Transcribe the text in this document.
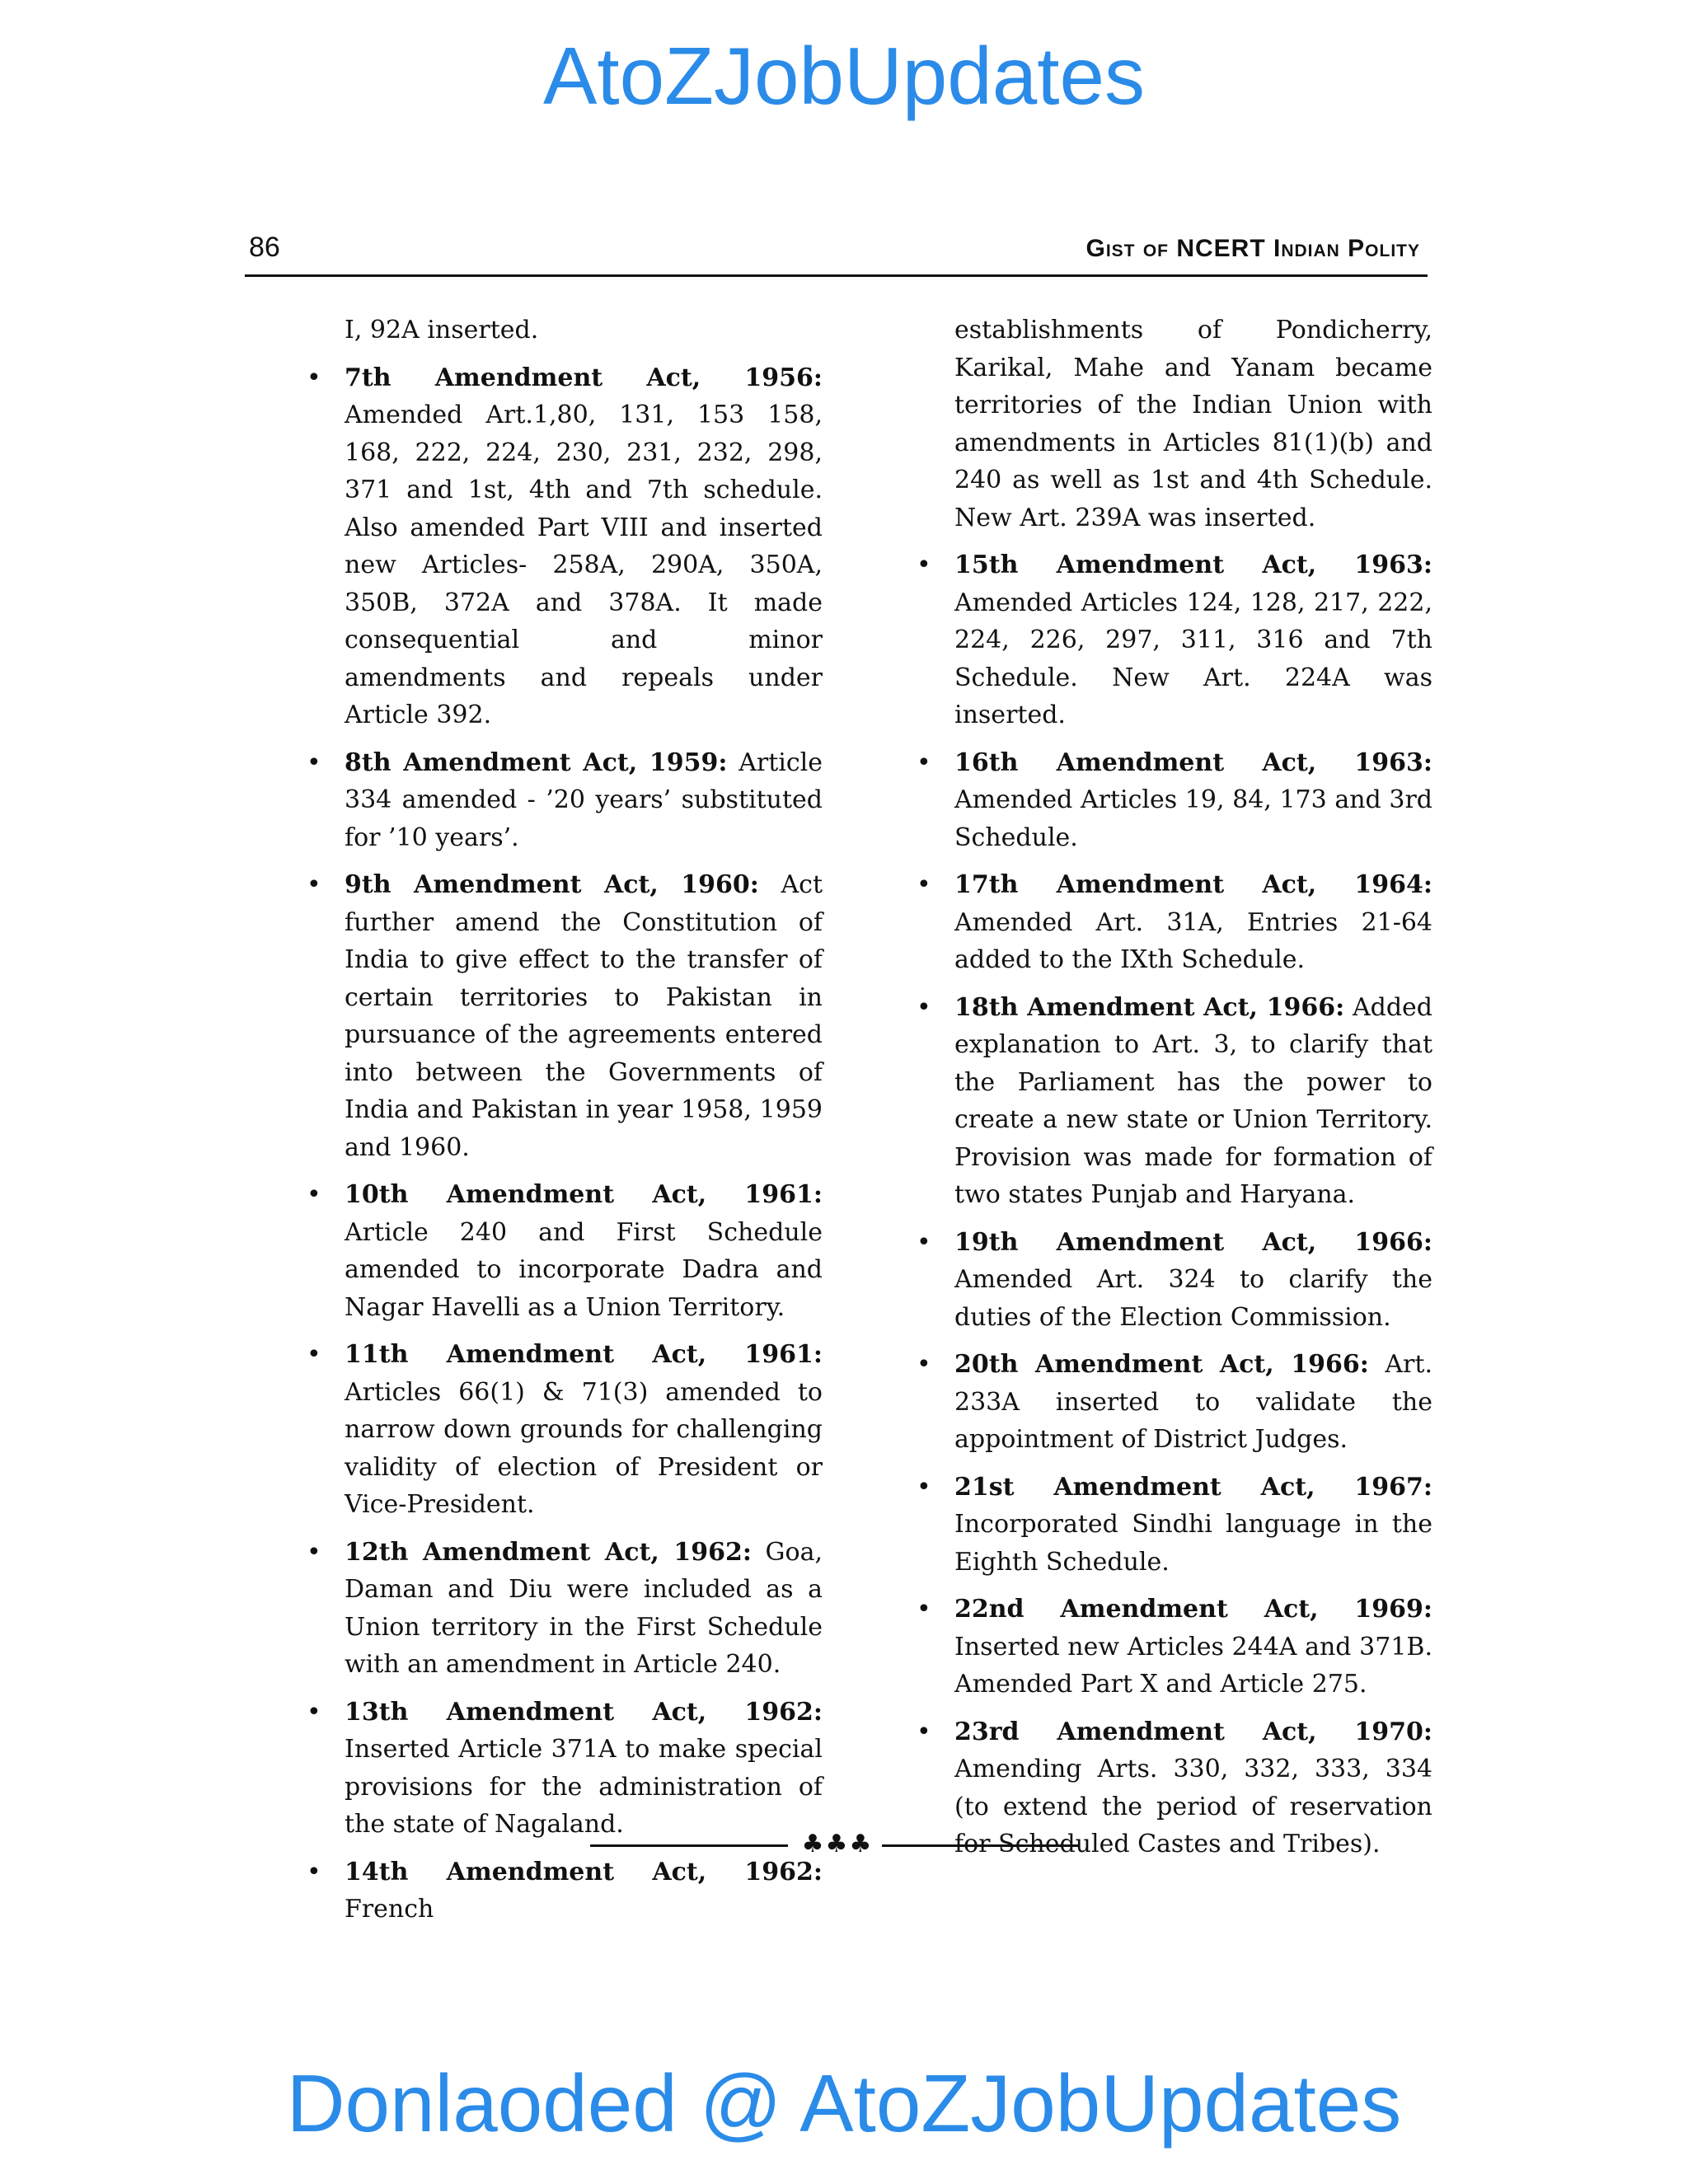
AtoZJobUpdates
86	Gist of NCERT Indian Polity

I, 92A inserted.

• 7th Amendment Act, 1956: Amended Art.1,80, 131, 153 158, 168, 222, 224, 230, 231, 232, 298, 371 and 1st, 4th and 7th schedule. Also amended Part VIII and inserted new Articles- 258A, 290A, 350A, 350B, 372A and 378A. It made consequential and minor amendments and repeals under Article 392.

• 8th Amendment Act, 1959: Article 334 amended - ’20 years’ substituted for ’10 years’.

• 9th Amendment Act, 1960: Act further amend the Constitution of India to give effect to the transfer of certain territories to Pakistan in pursuance of the agreements entered into between the Governments of India and Pakistan in year 1958, 1959 and 1960.

• 10th Amendment Act, 1961: Article 240 and First Schedule amended to incorporate Dadra and Nagar Havelli as a Union Territory.

• 11th Amendment Act, 1961: Articles 66(1) & 71(3) amended to narrow down grounds for challenging validity of election of President or Vice-President.

• 12th Amendment Act, 1962: Goa, Daman and Diu were included as a Union territory in the First Schedule with an amendment in Article 240.

• 13th Amendment Act, 1962: Inserted Article 371A to make special provisions for the administration of the state of Nagaland.

• 14th Amendment Act, 1962: French

establishments of Pondicherry, Karikal, Mahe and Yanam became territories of the Indian Union with amendments in Articles 81(1)(b) and 240 as well as 1st and 4th Schedule. New Art. 239A was inserted.

• 15th Amendment Act, 1963: Amended Articles 124, 128, 217, 222, 224, 226, 297, 311, 316 and 7th Schedule. New Art. 224A was inserted.

• 16th Amendment Act, 1963: Amended Articles 19, 84, 173 and 3rd Schedule.

• 17th Amendment Act, 1964: Amended Art. 31A, Entries 21-64 added to the IXth Schedule.

• 18th Amendment Act, 1966: Added explanation to Art. 3, to clarify that the Parliament has the power to create a new state or Union Territory. Provision was made for formation of two states Punjab and Haryana.

• 19th Amendment Act, 1966: Amended Art. 324 to clarify the duties of the Election Commission.

• 20th Amendment Act, 1966: Art. 233A inserted to validate the appointment of District Judges.

• 21st Amendment Act, 1967: Incorporated Sindhi language in the Eighth Schedule.

• 22nd Amendment Act, 1969: Inserted new Articles 244A and 371B. Amended Part X and Article 275.

• 23rd Amendment Act, 1970: Amending Arts. 330, 332, 333, 334 (to extend the period of reservation for Scheduled Castes and Tribes).

♣♣♣
Donlaoded @ AtoZJobUpdates
